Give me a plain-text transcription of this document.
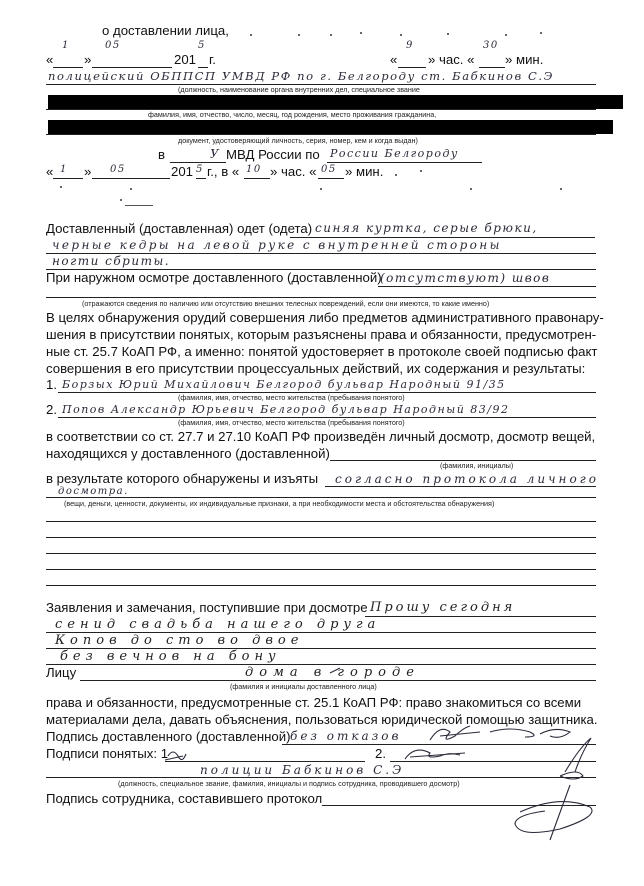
о доставлении лица,
«
1
»
05
201
5
г.	«
9
» час. «
30
» мин.
полицейский ОБППСП УМВД РФ по г. Белгороду ст. Бабкинов С.Э
(должность, наименование органа внутренних дел, специальное звание
фамилия, имя, отчество, число, месяц, год рождения, место проживания гражданина,
документ, удостоверяющий личность, серия, номер, кем и когда выдан)
в	У МВД России по России Белгороду
« 1 » 05	201 5 г., в « 10 » час. « 05 » мин.
Доставленный (доставленная) одет (одета) синяя куртка, серые брюки,
черные кедры на левой руке с внутренней стороны
ногти сбриты.
При наружном осмотре доставленного (доставленной)
(отсутствуют) швов
(отражаются сведения по наличию или отсутствию внешних телесных повреждений, если они имеются, то какие именно)
В целях обнаружения орудий совершения либо предметов административного правонару-
шения в присутствии понятых, которым разъяснены права и обязанности, предусмотрен-
ные ст. 25.7 КоАП РФ, а именно: понятой удостоверяет в протоколе своей подписью факт
совершения в его присутствии процессуальных действий, их содержания и результаты:
1. Борзых Юрий Михайлович Белгород бульвар Народный 91/35
(фамилия, имя, отчество, место жительства (пребывания понятого)
2. Попов Александр Юрьевич Белгород бульвар Народный 83/92
(фамилия, имя, отчество, место жительства (пребывания понятого)
в соответствии со ст. 27.7 и 27.10 КоАП РФ произведён личный досмотр, досмотр вещей,
находящихся у доставленного (доставленной)
(фамилия, инициалы)
в результате которого обнаружены и изъяты согласно протокола личного
досмотра.
(вещи, деньги, ценности, документы, их индивидуальные признаки, а при необходимости места и обстоятельства обнаружения)
Заявления и замечания, поступившие при досмотре Прошу сегодня
сенид свадьба нашего друга
Копов до сто во двое
без вечнов на бону
Лицу	дома в городе
(фамилия и инициалы доставленного лица)
права и обязанности, предусмотренные ст. 25.1 КоАП РФ: право знакомиться со всеми
материалами дела, давать объяснения, пользоваться юридической помощью защитника.
Подпись доставленного (доставленной) без отказов
Подписи понятых: 1	2.
полиции Бабкинов С.Э
(должность, специальное звание, фамилия, инициалы и подпись сотрудника, проводившего досмотр)
Подпись сотрудника, составившего протокол
